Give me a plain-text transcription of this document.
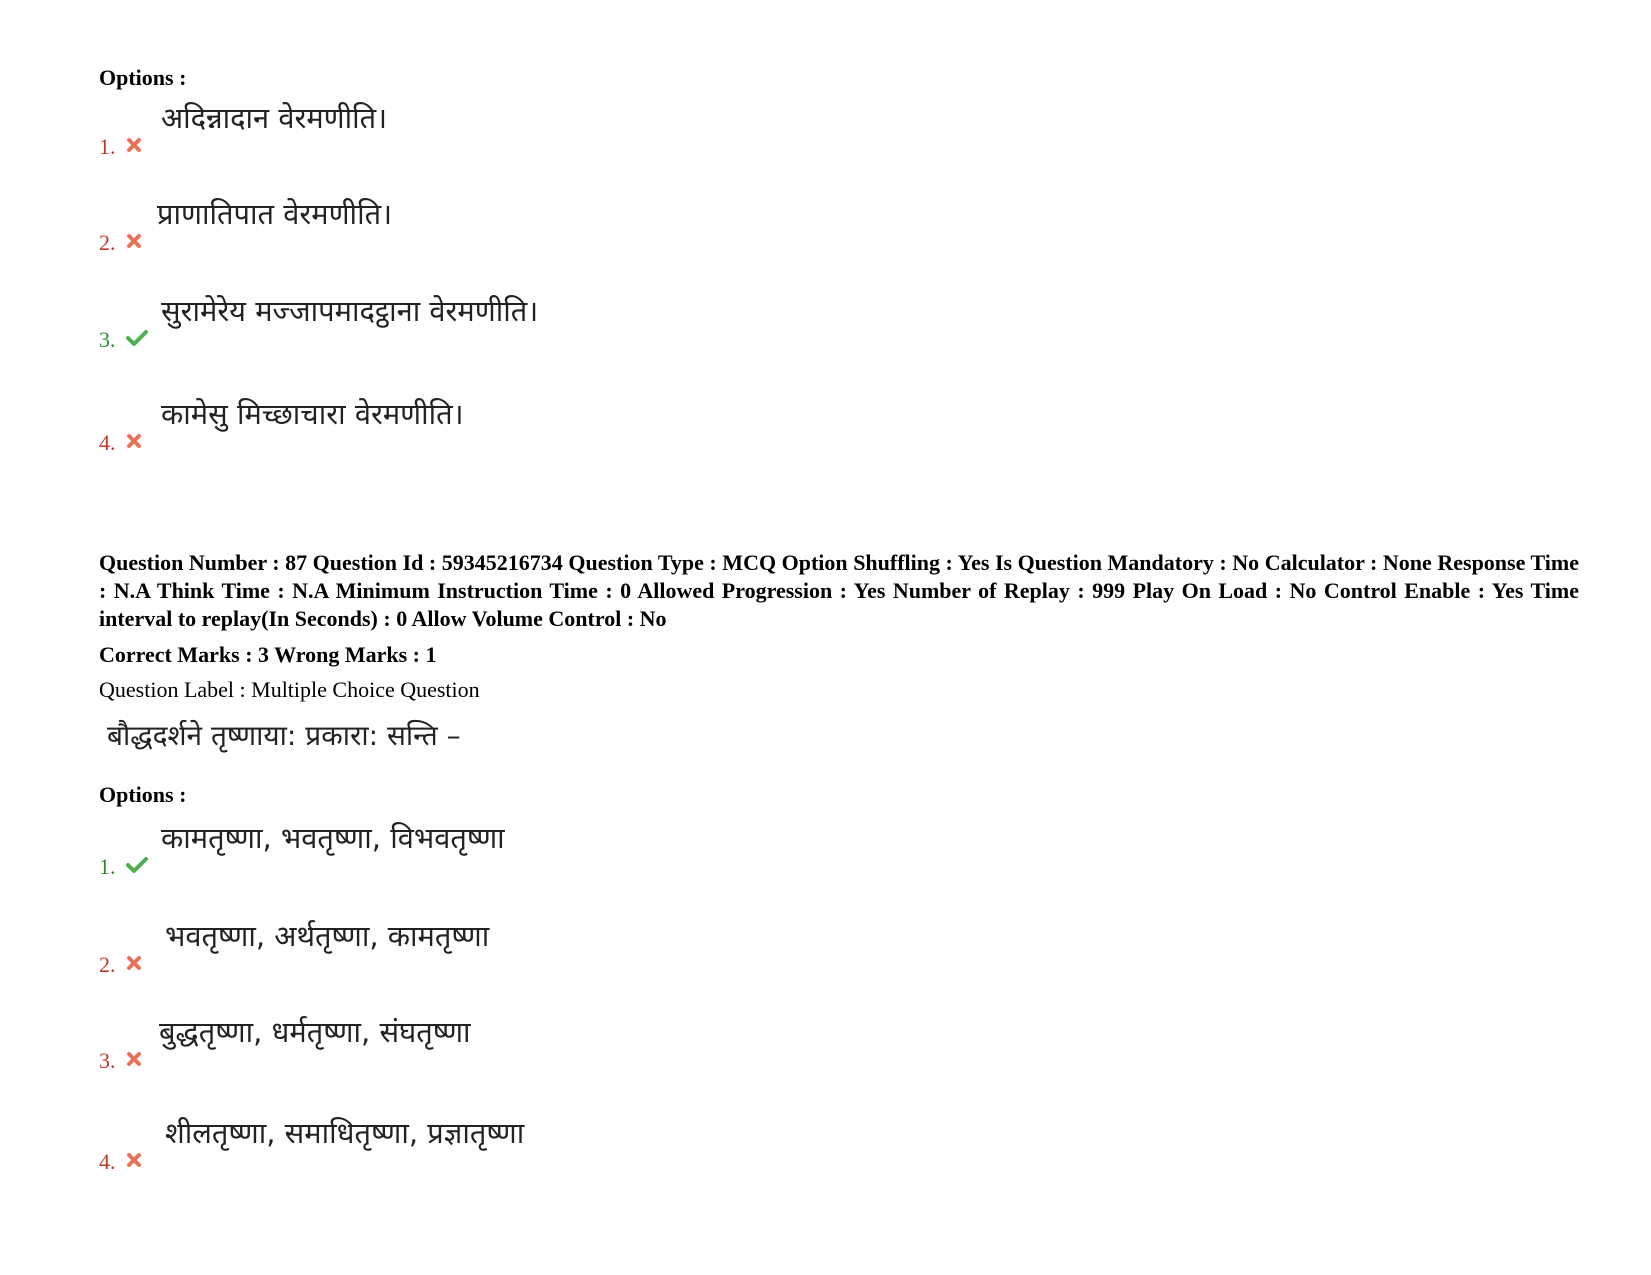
Options :
1.
अदिन्नादान वेरमणीति।
2.
प्राणातिपात वेरमणीति।
3.
सुरामेरेय मज्जापमादट्ठाना वेरमणीति।
4.
कामेसु मिच्छाचारा वेरमणीति।
Question Number : 87 Question Id : 59345216734 Question Type : MCQ Option Shuffling : Yes Is Question Mandatory : No Calculator : None Response Time : N.A Think Time : N.A Minimum Instruction Time : 0 Allowed Progression : Yes Number of Replay : 999 Play On Load : No Control Enable : Yes Time interval to replay(In Seconds) : 0 Allow Volume Control : No
Correct Marks : 3 Wrong Marks : 1
Question Label : Multiple Choice Question
बौद्धदर्शने तृष्णाया: प्रकारा: सन्ति –
Options :
1.
कामतृष्णा, भवतृष्णा, विभवतृष्णा
2.
भवतृष्णा, अर्थतृष्णा, कामतृष्णा
3.
बुद्धतृष्णा, धर्मतृष्णा, संघतृष्णा
4.
शीलतृष्णा, समाधितृष्णा, प्रज्ञातृष्णा
